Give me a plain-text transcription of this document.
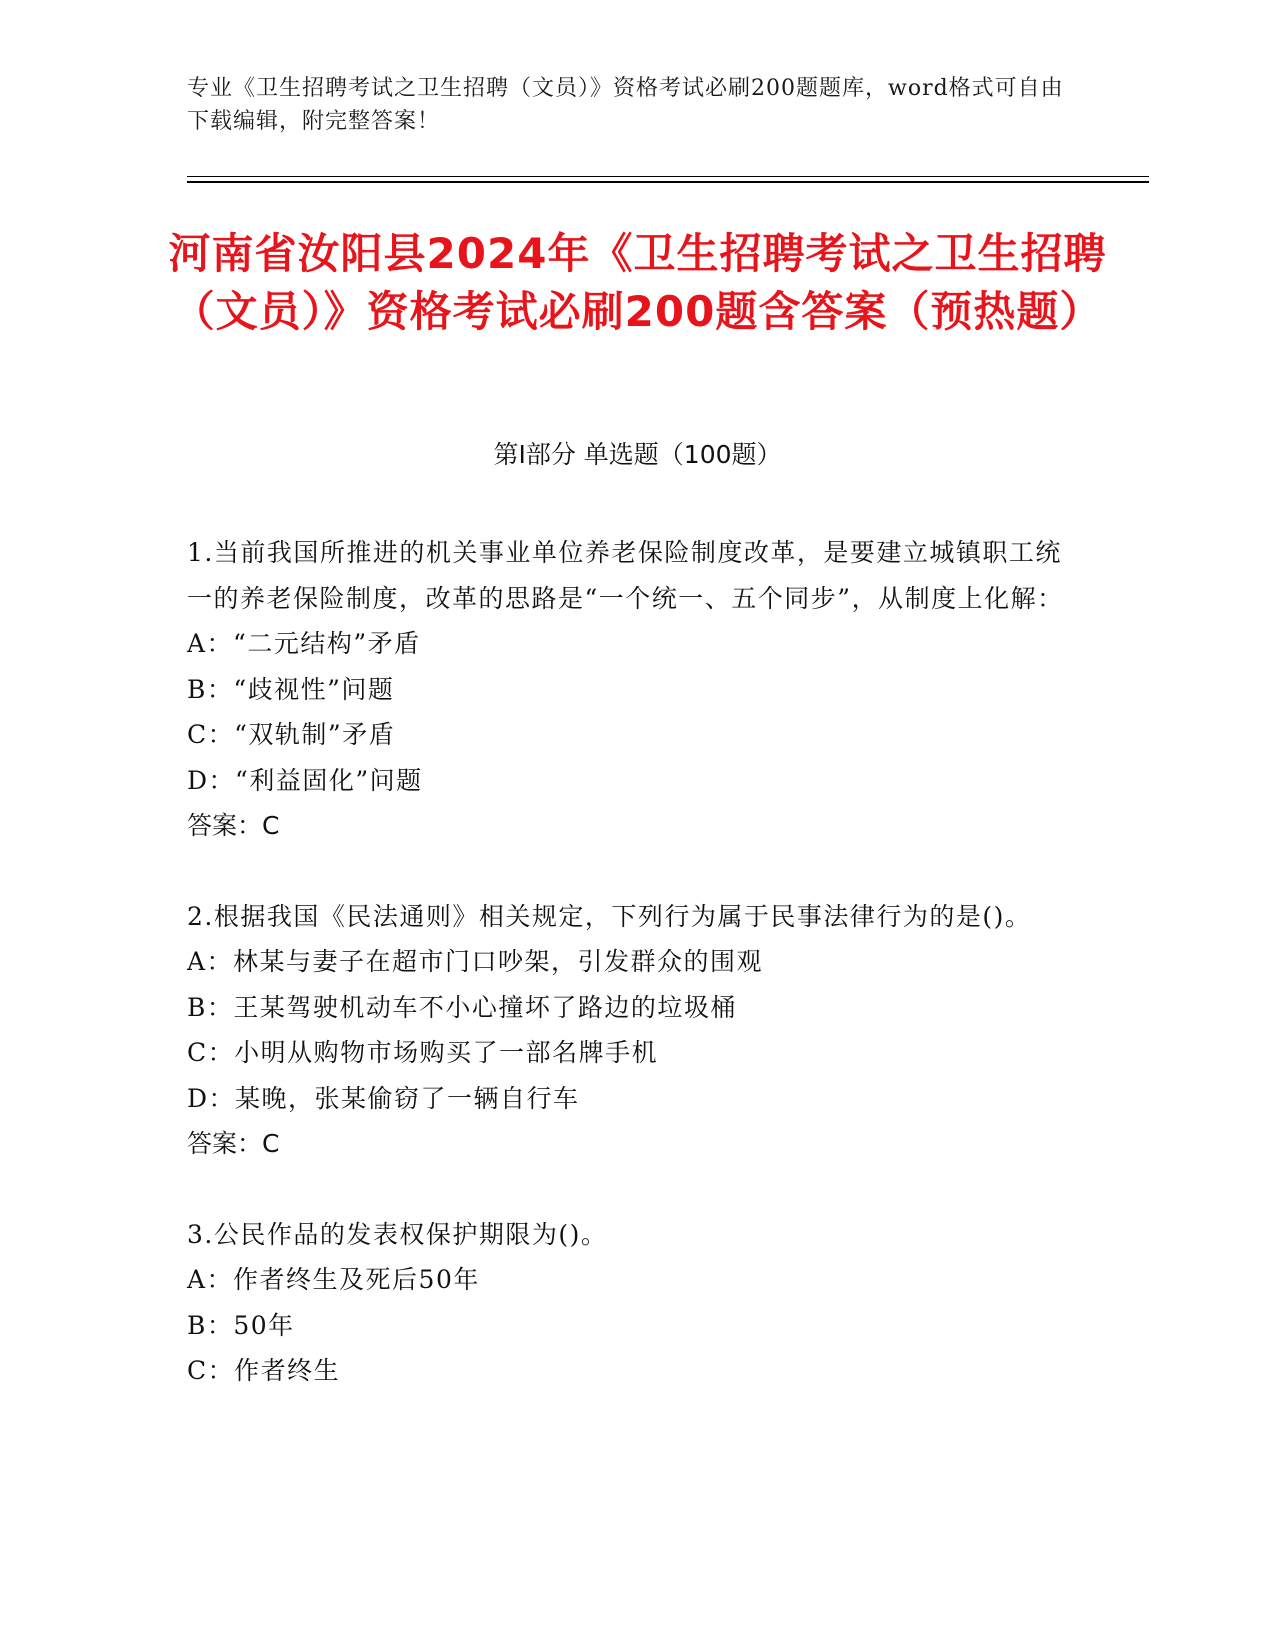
专业《卫生招聘考试之卫生招聘（文员）》资格考试必刷200题题库，word格式可自由下载编辑，附完整答案！
河南省汝阳县2024年《卫生招聘考试之卫生招聘（文员）》资格考试必刷200题含答案（预热题）
第Ⅰ部分 单选题（100题）

1.当前我国所推进的机关事业单位养老保险制度改革，是要建立城镇职工统一的养老保险制度，改革的思路是“一个统一、五个同步”，从制度上化解：

A：“二元结构”矛盾

B：“歧视性”问题

C：“双轨制”矛盾

D：“利益固化”问题

答案：C

2.根据我国《民法通则》相关规定，下列行为属于民事法律行为的是()。

A：林某与妻子在超市门口吵架，引发群众的围观

B：王某驾驶机动车不小心撞坏了路边的垃圾桶

C：小明从购物市场购买了一部名牌手机

D：某晚，张某偷窃了一辆自行车

答案：C

3.公民作品的发表权保护期限为()。

A：作者终生及死后50年

B：50年

C：作者终生
